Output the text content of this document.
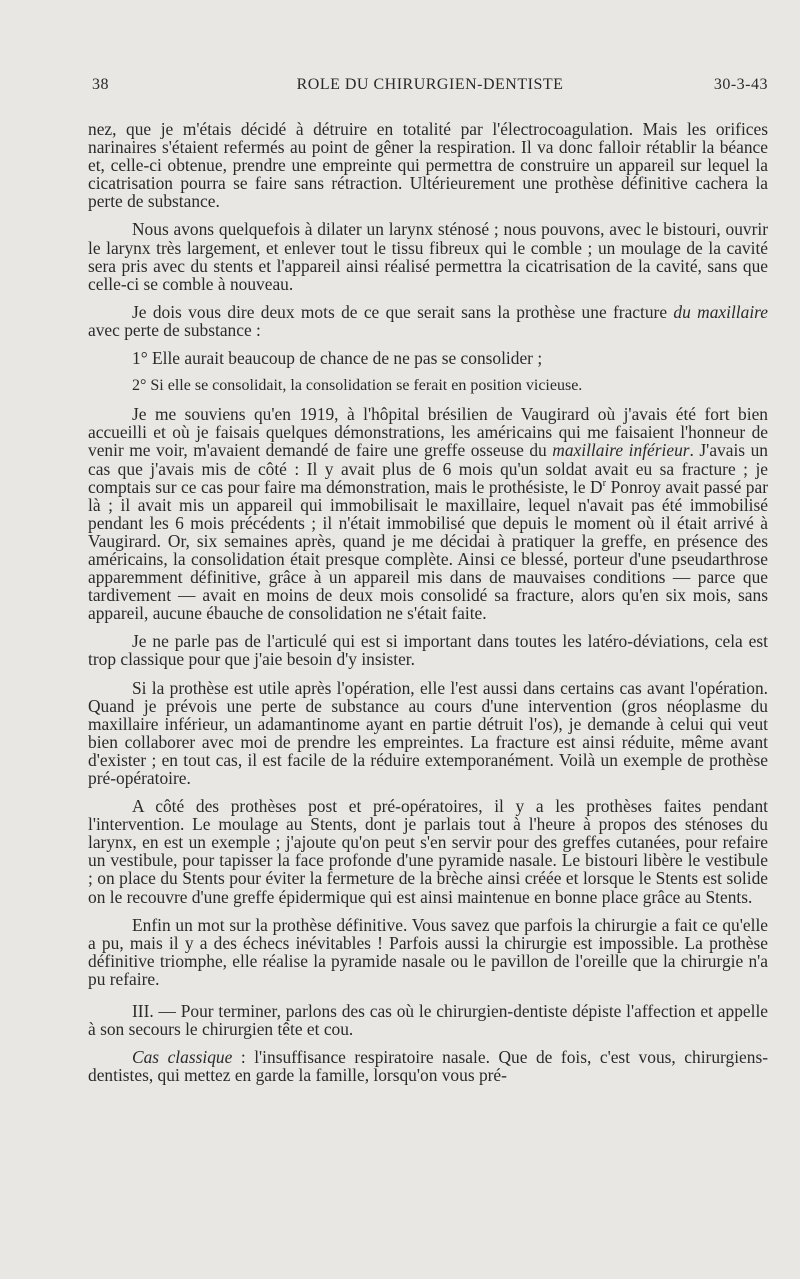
38	ROLE DU CHIRURGIEN-DENTISTE	30-3-43

nez, que je m'étais décidé à détruire en totalité par l'électrocoagulation. Mais les orifices narinaires s'étaient refermés au point de gêner la respiration. Il va donc falloir rétablir la béance et, celle-ci obtenue, prendre une empreinte qui permettra de construire un appareil sur lequel la cicatrisation pourra se faire sans rétraction. Ultérieurement une prothèse définitive cachera la perte de substance.

Nous avons quelquefois à dilater un larynx sténosé ; nous pouvons, avec le bistouri, ouvrir le larynx très largement, et enlever tout le tissu fibreux qui le comble ; un moulage de la cavité sera pris avec du stents et l'appareil ainsi réalisé permettra la cicatrisation de la cavité, sans que celle-ci se comble à nouveau.

Je dois vous dire deux mots de ce que serait sans la prothèse une fracture du maxillaire avec perte de substance :

1° Elle aurait beaucoup de chance de ne pas se consolider ;

2° Si elle se consolidait, la consolidation se ferait en position vicieuse.

Je me souviens qu'en 1919, à l'hôpital brésilien de Vaugirard où j'avais été fort bien accueilli et où je faisais quelques démonstrations, les américains qui me faisaient l'honneur de venir me voir, m'avaient demandé de faire une greffe osseuse du maxillaire inférieur. J'avais un cas que j'avais mis de côté : Il y avait plus de 6 mois qu'un soldat avait eu sa fracture ; je comptais sur ce cas pour faire ma démonstration, mais le prothésiste, le $D^r$ Ponroy avait passé par là ; il avait mis un appareil qui immobilisait le maxillaire, lequel n'avait pas été immobilisé pendant les 6 mois précédents ; il n'était immobilisé que depuis le moment où il était arrivé à Vaugirard. Or, six semaines après, quand je me décidai à pratiquer la greffe, en présence des américains, la consolidation était presque complète. Ainsi ce blessé, porteur d'une pseudarthrose apparemment définitive, grâce à un appareil mis dans de mauvaises conditions — parce que tardivement — avait en moins de deux mois consolidé sa fracture, alors qu'en six mois, sans appareil, aucune ébauche de consolidation ne s'était faite.

Je ne parle pas de l'articulé qui est si important dans toutes les latéro-déviations, cela est trop classique pour que j'aie besoin d'y insister.

Si la prothèse est utile après l'opération, elle l'est aussi dans certains cas avant l'opération. Quand je prévois une perte de substance au cours d'une intervention (gros néoplasme du maxillaire inférieur, un adamantinome ayant en partie détruit l'os), je demande à celui qui veut bien collaborer avec moi de prendre les empreintes. La fracture est ainsi réduite, même avant d'exister ; en tout cas, il est facile de la réduire extemporanément. Voilà un exemple de prothèse pré-opératoire.

A côté des prothèses post et pré-opératoires, il y a les prothèses faites pendant l'intervention. Le moulage au Stents, dont je parlais tout à l'heure à propos des sténoses du larynx, en est un exemple ; j'ajoute qu'on peut s'en servir pour des greffes cutanées, pour refaire un vestibule, pour tapisser la face profonde d'une pyramide nasale. Le bistouri libère le vestibule ; on place du Stents pour éviter la fermeture de la brèche ainsi créée et lorsque le Stents est solide on le recouvre d'une greffe épidermique qui est ainsi maintenue en bonne place grâce au Stents.

Enfin un mot sur la prothèse définitive. Vous savez que parfois la chirurgie a fait ce qu'elle a pu, mais il y a des échecs inévitables ! Parfois aussi la chirurgie est impossible. La prothèse définitive triomphe, elle réalise la pyramide nasale ou le pavillon de l'oreille que la chirurgie n'a pu refaire.

III. — Pour terminer, parlons des cas où le chirurgien-dentiste dépiste l'affection et appelle à son secours le chirurgien tête et cou.

Cas classique : l'insuffisance respiratoire nasale. Que de fois, c'est vous, chirurgiens-dentistes, qui mettez en garde la famille, lorsqu'on vous pré-
